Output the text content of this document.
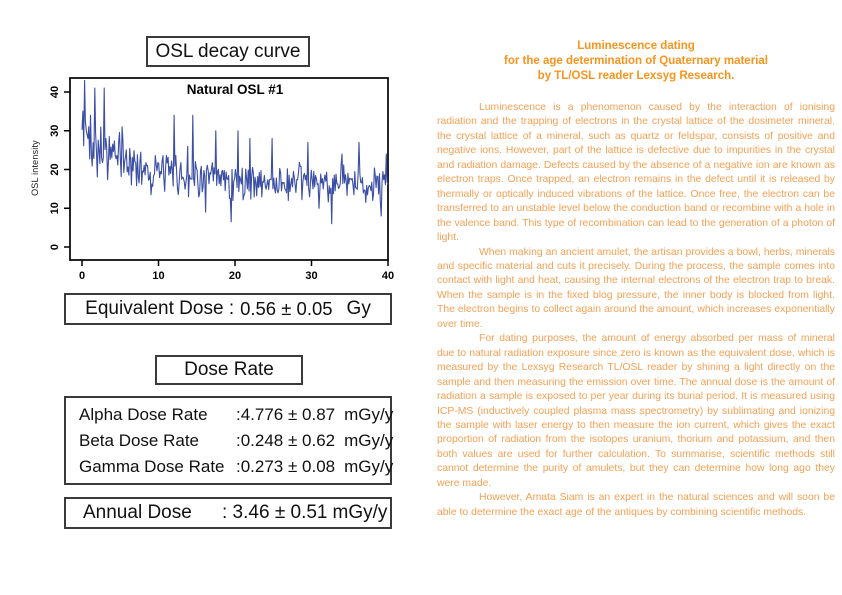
OSL decay curve
Natural OSL #1
0	10	20	30	40
0
10
20
30
40
OSL intensity
Equivalent Dose : 0.56 ± 0.05 Gy
Dose Rate
Alpha Dose Rate	:4.776 ± 0.87 mGy/y
Beta Dose Rate	:0.248 ± 0.62 mGy/y
Gamma Dose Rate :0.273 ± 0.08 mGy/y
Annual Dose	: 3.46 ± 0.51 mGy/y
Luminescence dating
for the age determination of Quaternary material
by TL/OSL reader Lexsyg Research.

Luminescence is a phenomenon caused by the interaction of ionising radiation and the trapping of electrons in the crystal lattice of the dosimeter mineral. the crystal lattice of a mineral, such as quartz or feldspar, consists of positive and negative ions. However, part of the lattice is defective due to impurities in the crystal and radiation damage. Defects caused by the absence of a negative ion are known as electron traps. Once trapped, an electron remains in the defect until it is released by thermally or optically induced vibrations of the lattice. Once free, the electron can be transferred to an unstable level below the conduction band or recombine with a hole in the valence band. This type of recombination can lead to the generation of a photon of light.

When making an ancient amulet, the artisan provides a bowl, herbs, minerals and specific material and cuts it precisely. During the process, the sample comes into contact with light and heat, causing the internal electrons of the electron trap to break. When the sample is in the fixed blog pressure, the inner body is blocked from light. The electron begins to collect again around the amount, which increases exponentially over time.

For dating purposes, the amount of energy absorbed per mass of mineral due to natural radiation exposure since zero is known as the equivalent dose, which is measured by the Lexsyg Research TL/OSL reader by shining a light directly on the sample and then measuring the emission over time. The annual dose is the amount of radiation a sample is exposed to per year during its burial period. It is measured using ICP-MS (inductively coupled plasma mass spectrometry) by sublimating and ionizing the sample with laser energy to then measure the ion current, which gives the exact proportion of radiation from the isotopes uranium, thorium and potassium, and then both values are used for further calculation. To summarise, scientific methods still cannot determine the purity of amulets, but they can determine how long ago they were made.

However, Amata Siam is an expert in the natural sciences and will soon be able to determine the exact age of the antiques by combining scientific methods.
